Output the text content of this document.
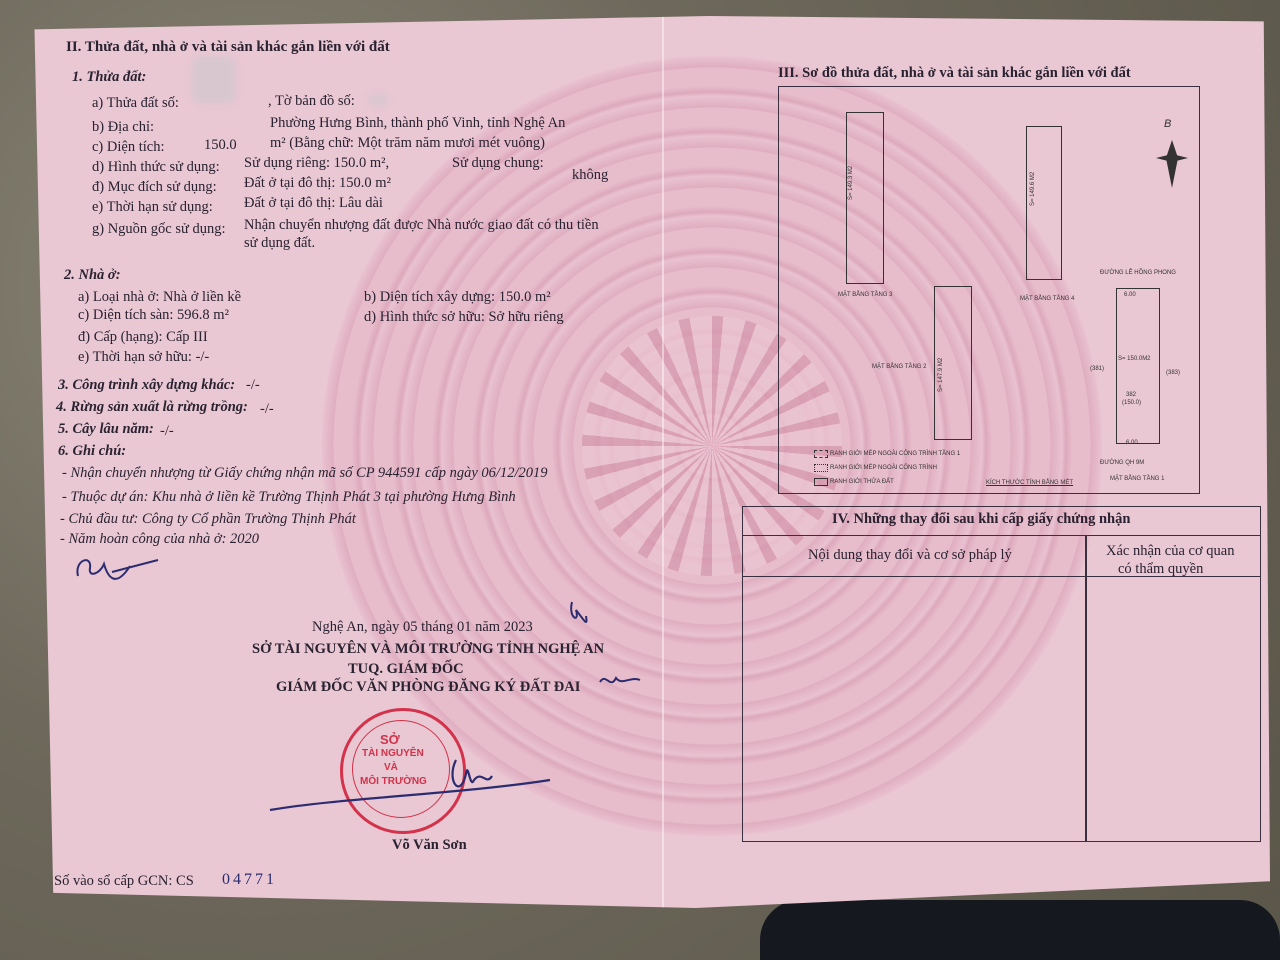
II. Thửa đất, nhà ở và tài sản khác gắn liền với đất
1. Thửa đất:
a) Thửa đất số:	, Tờ bản đồ số:
b) Địa chỉ:	Phường Hưng Bình, thành phố Vinh, tỉnh Nghệ An
c) Diện tích:	150.0 m² (Bằng chữ: Một trăm năm mươi mét vuông)
d) Hình thức sử dụng: Sử dụng riêng: 150.0 m²,	Sử dụng chung:
không
đ) Mục đích sử dụng: Đất ở tại đô thị: 150.0 m²
e) Thời hạn sử dụng: Đất ở tại đô thị: Lâu dài
g) Nguồn gốc sử dụng: Nhận chuyển nhượng đất được Nhà nước giao đất có thu tiền
sử dụng đất.
2. Nhà ở:
a) Loại nhà ở: Nhà ở liền kề	b) Diện tích xây dựng: 150.0 m²
c) Diện tích sàn: 596.8 m²	d) Hình thức sở hữu: Sở hữu riêng
đ) Cấp (hạng): Cấp III
e) Thời hạn sở hữu: -/-
3. Công trình xây dựng khác: -/-
4. Rừng sản xuất là rừng trồng: -/-
5. Cây lâu năm: -/-
6. Ghi chú:
- Nhận chuyển nhượng từ Giấy chứng nhận mã số CP 944591 cấp ngày 06/12/2019
- Thuộc dự án: Khu nhà ở liền kề Trường Thịnh Phát 3 tại phường Hưng Bình
- Chủ đầu tư: Công ty Cổ phần Trường Thịnh Phát
- Năm hoàn công của nhà ở: 2020
Nghệ An, ngày 05 tháng 01 năm 2023
SỞ TÀI NGUYÊN VÀ MÔI TRƯỜNG TỈNH NGHỆ AN
TUQ. GIÁM ĐỐC
GIÁM ĐỐC VĂN PHÒNG ĐĂNG KÝ ĐẤT ĐAI
SỞ
TÀI NGUYÊN
VÀ
MÔI TRƯỜNG
Võ Văn Sơn
Số vào sổ cấp GCN: CS 04771
III. Sơ đồ thửa đất, nhà ở và tài sản khác gắn liền với đất
S= 149.3 M2
MẶT BẰNG TẦNG 3
S= 149.6 M2
MẶT BẰNG TẦNG 4
S= 147.9 M2
MẶT BẰNG TẦNG 2
ĐƯỜNG LÊ HỒNG PHONG
6.00
S= 150.0M2
382
(150.0)
(381)
(383)
6.00
ĐƯỜNG QH 9M
MẶT BẰNG TẦNG 1
RANH GIỚI MÉP NGOÀI CÔNG TRÌNH TẦNG 1
RANH GIỚI MÉP NGOÀI CÔNG TRÌNH
RANH GIỚI THỬA ĐẤT	KÍCH THƯỚC TÍNH BẰNG MÉT
B
IV. Những thay đổi sau khi cấp giấy chứng nhận
Nội dung thay đổi và cơ sở pháp lý	Xác nhận của cơ quan
có thẩm quyền
